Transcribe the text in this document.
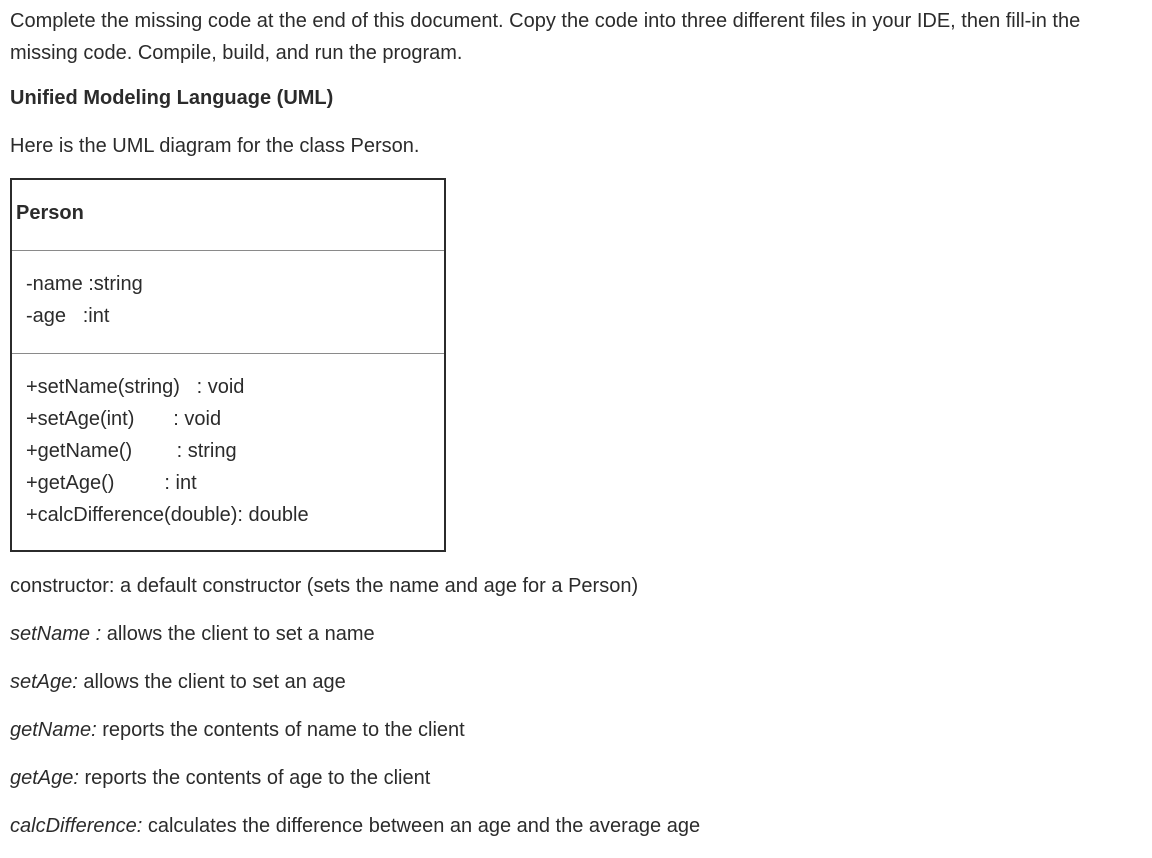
Complete the missing code at the end of this document. Copy the code into three different files in your IDE, then fill-in the missing code. Compile, build, and run the program.

Unified Modeling Language (UML)

Here is the UML diagram for the class Person.

Person
-name :string
-age   :int
+setName(string)   : void
+setAge(int)       : void
+getName()        : string
+getAge()         : int
+calcDifference(double): double

constructor: a default constructor (sets the name and age for a Person)

setName : allows the client to set a name

setAge: allows the client to set an age

getName: reports the contents of name to the client

getAge: reports the contents of age to the client

calcDifference: calculates the difference between an age and the average age
